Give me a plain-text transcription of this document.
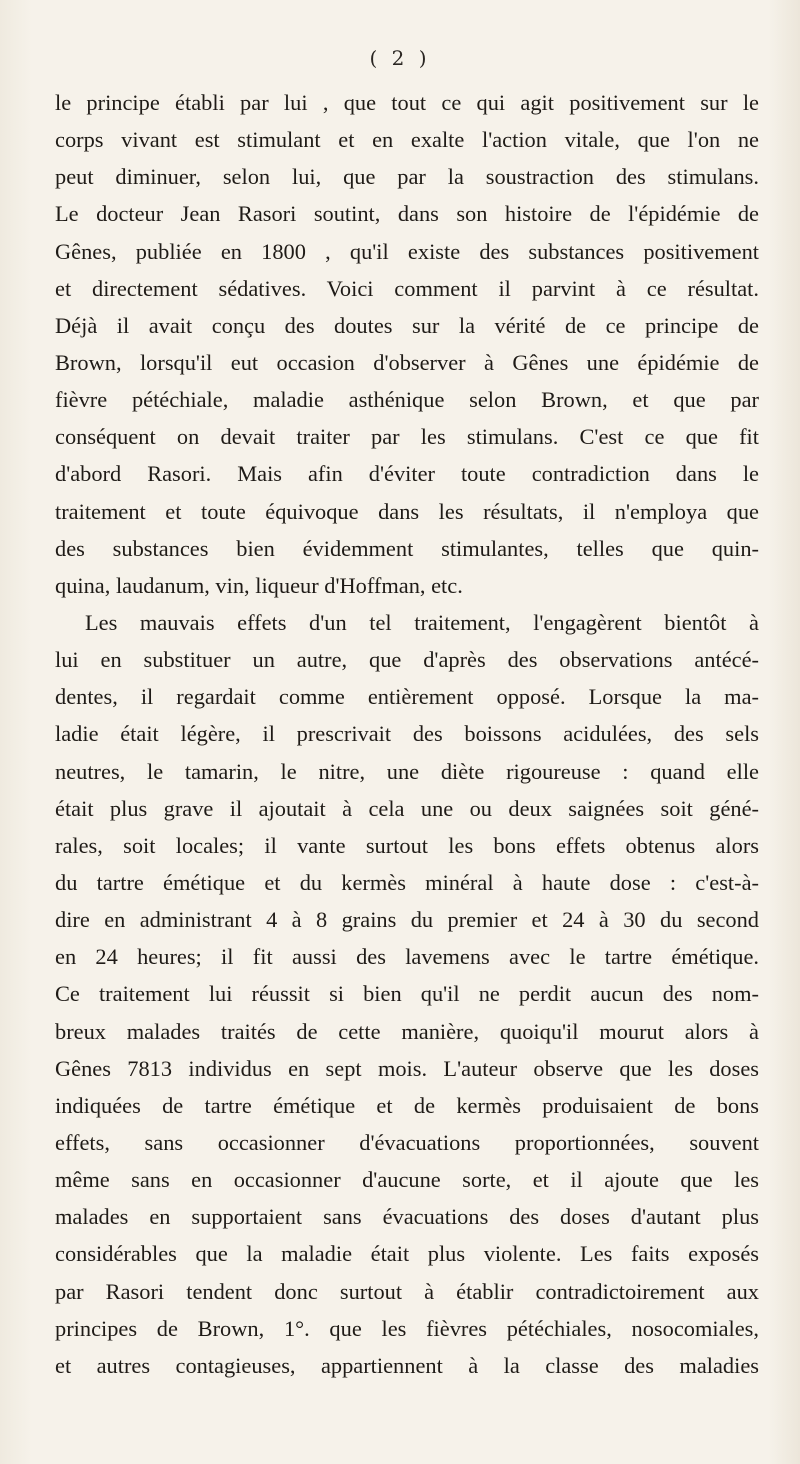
( 2 )
le principe établi par lui , que tout ce qui agit positivement sur le
corps vivant est stimulant et en exalte l'action vitale, que l'on ne
peut diminuer, selon lui, que par la soustraction des stimulans.
Le docteur Jean Rasori soutint, dans son histoire de l'épidémie de
Gênes, publiée en 1800 , qu'il existe des substances positivement
et directement sédatives. Voici comment il parvint à ce résultat.
Déjà il avait conçu des doutes sur la vérité de ce principe de
Brown, lorsqu'il eut occasion d'observer à Gênes une épidémie de
fièvre pétéchiale, maladie asthénique selon Brown, et que par
conséquent on devait traiter par les stimulans. C'est ce que fit
d'abord Rasori. Mais afin d'éviter toute contradiction dans le
traitement et toute équivoque dans les résultats, il n'employa que
des substances bien évidemment stimulantes, telles que quin-
quina, laudanum, vin, liqueur d'Hoffman, etc.
Les mauvais effets d'un tel traitement, l'engagèrent bientôt à
lui en substituer un autre, que d'après des observations antécé-
dentes, il regardait comme entièrement opposé. Lorsque la ma-
ladie était légère, il prescrivait des boissons acidulées, des sels
neutres, le tamarin, le nitre, une diète rigoureuse : quand elle
était plus grave il ajoutait à cela une ou deux saignées soit géné-
rales, soit locales; il vante surtout les bons effets obtenus alors
du tartre émétique et du kermès minéral à haute dose : c'est-à-
dire en administrant 4 à 8 grains du premier et 24 à 30 du second
en 24 heures; il fit aussi des lavemens avec le tartre émétique.
Ce traitement lui réussit si bien qu'il ne perdit aucun des nom-
breux malades traités de cette manière, quoiqu'il mourut alors à
Gênes 7813 individus en sept mois. L'auteur observe que les doses
indiquées de tartre émétique et de kermès produisaient de bons
effets, sans occasionner d'évacuations proportionnées, souvent
même sans en occasionner d'aucune sorte, et il ajoute que les
malades en supportaient sans évacuations des doses d'autant plus
considérables que la maladie était plus violente. Les faits exposés
par Rasori tendent donc surtout à établir contradictoirement aux
principes de Brown, 1°. que les fièvres pétéchiales, nosocomiales,
et autres contagieuses, appartiennent à la classe des maladies
